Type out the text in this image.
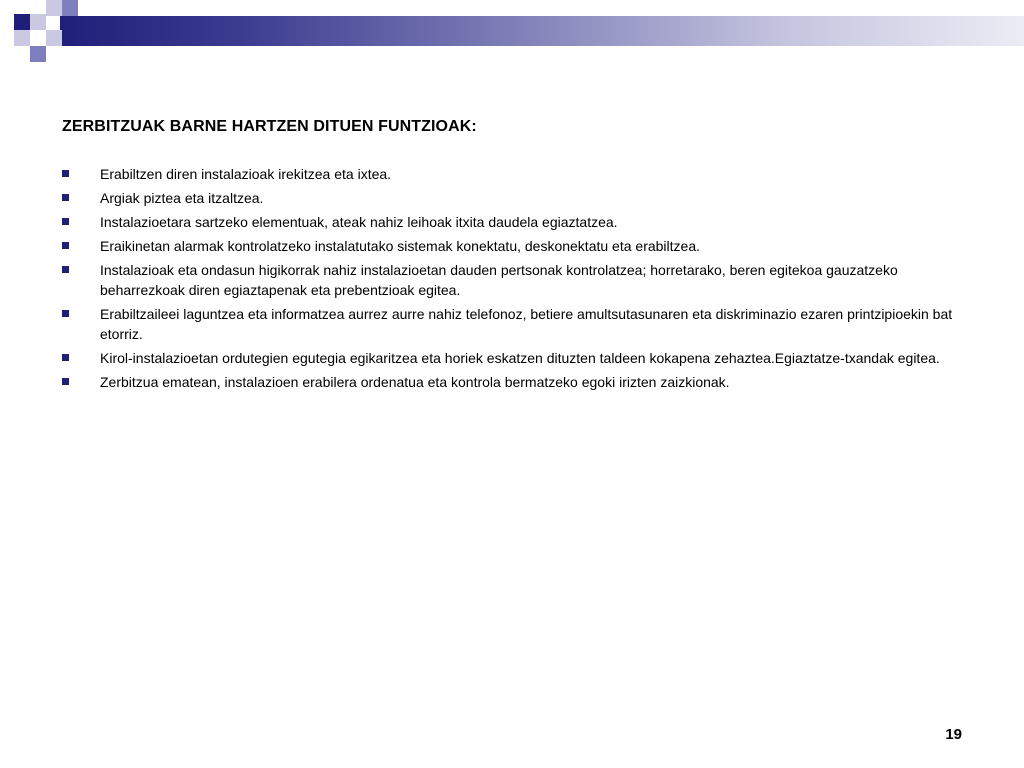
ZERBITZUAK BARNE HARTZEN DITUEN FUNTZIOAK:
Erabiltzen diren instalazioak irekitzea eta ixtea.
Argiak piztea eta itzaltzea.
Instalazioetara sartzeko elementuak, ateak nahiz leihoak itxita daudela egiaztatzea.
Eraikinetan alarmak kontrolatzeko instalatutako sistemak konektatu, deskonektatu eta erabiltzea.
Instalazioak eta ondasun higikorrak nahiz instalazioetan dauden pertsonak kontrolatzea; horretarako, beren egitekoa gauzatzeko beharrezkoak diren egiaztapenak eta prebentzioak egitea.
Erabiltzaileei laguntzea eta informatzea aurrez aurre nahiz telefonoz, betiere amultsutasunaren eta diskriminazio ezaren printzipioekin bat etorriz.
Kirol-instalazioetan ordutegien egutegia egikaritzea eta horiek eskatzen dituzten taldeen kokapena zehaztea.Egiaztatze-txandak egitea.
Zerbitzua ematean, instalazioen erabilera ordenatua eta kontrola bermatzeko egoki irizten zaizkionak.
19
